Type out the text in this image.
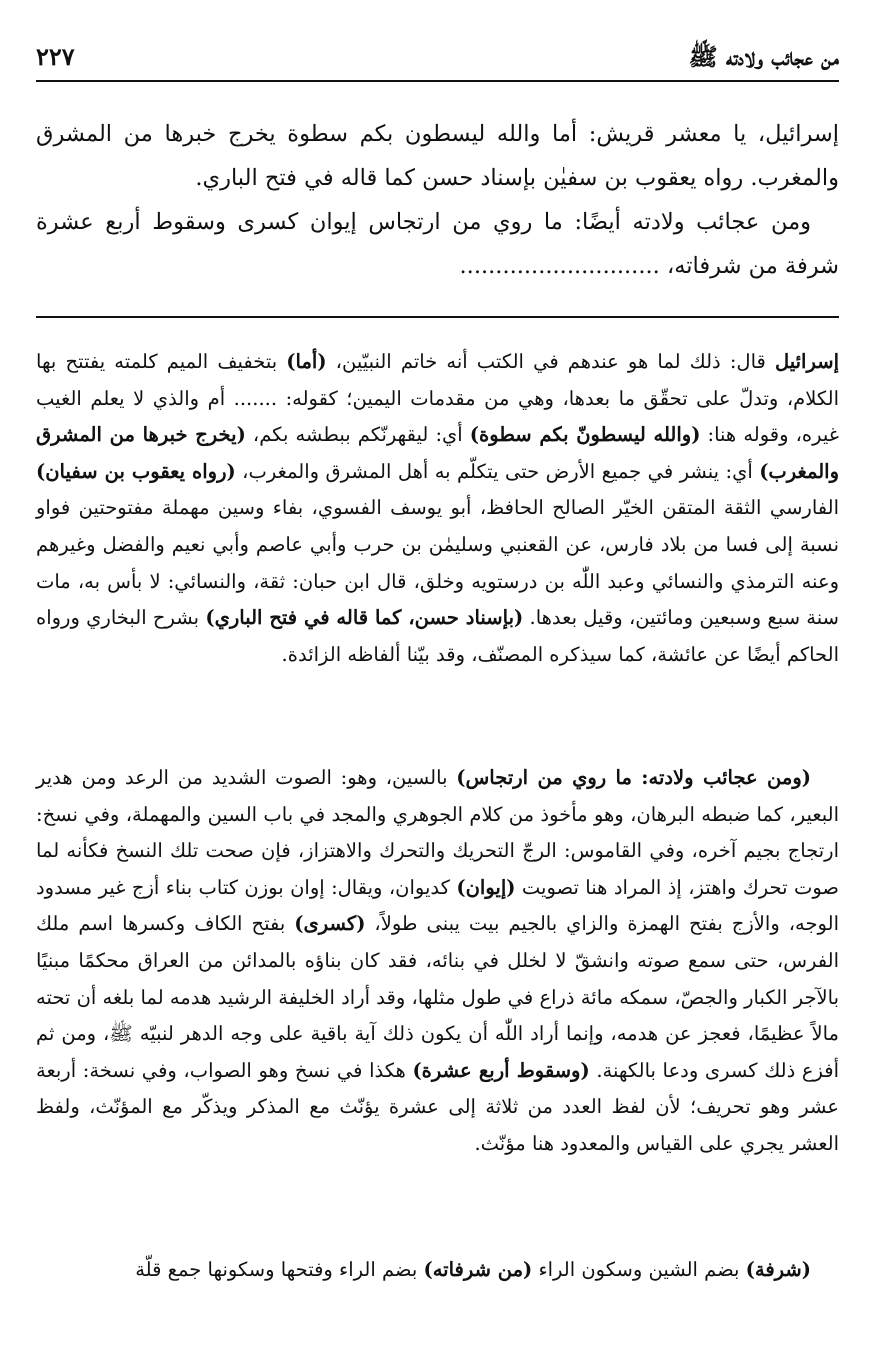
من عجائب ولادته ﷺ
٢٢٧

إسرائيل، يا معشر قريش: أما والله ليسطون بكم سطوة يخرج خبرها من المشرق والمغرب. رواه يعقوب بن سفيٰن بإسناد حسن كما قاله في فتح الباري.

ومن عجائب ولادته أيضًا: ما روي من ارتجاس إيوان كسرى وسقوط أربع عشرة شرفة من شرفاته، ............................

إسرائيل قال: ذلك لما هو عندهم في الكتب أنه خاتم النبيّين، (أما) بتخفيف الميم كلمته يفتتح بها الكلام، وتدلّ على تحقّق ما بعدها، وهي من مقدمات اليمين؛ كقوله: ....... أم والذي لا يعلم الغيب غيره، وقوله هنا: (والله ليسطونّ بكم سطوة) أي: ليقهرنّكم ببطشه بكم، (يخرج خبرها من المشرق والمغرب) أي: ينشر في جميع الأرض حتى يتكلّم به أهل المشرق والمغرب، (رواه يعقوب بن سفيان) الفارسي الثقة المتقن الخيّر الصالح الحافظ، أبو يوسف الفسوي، بفاء وسين مهملة مفتوحتين فواو نسبة إلى فسا من بلاد فارس، عن القعنبي وسليمٰن بن حرب وأبي عاصم وأبي نعيم والفضل وغيرهم وعنه الترمذي والنسائي وعبد اللّٰه بن درستويه وخلق، قال ابن حبان: ثقة، والنسائي: لا بأس به، مات سنة سبع وسبعين ومائتين، وقيل بعدها. (بإسناد حسن، كما قاله في فتح الباري) بشرح البخاري ورواه الحاكم أيضًا عن عائشة، كما سيذكره المصنّف، وقد بيّنا ألفاظه الزائدة.

(ومن عجائب ولادته: ما روي من ارتجاس) بالسين، وهو: الصوت الشديد من الرعد ومن هدير البعير، كما ضبطه البرهان، وهو مأخوذ من كلام الجوهري والمجد في باب السين والمهملة، وفي نسخ: ارتجاج بجيم آخره، وفي القاموس: الرجّ التحريك والتحرك والاهتزاز، فإن صحت تلك النسخ فكأنه لما صوت تحرك واهتز، إذ المراد هنا تصويت (إيوان) كديوان، ويقال: إوان بوزن كتاب بناء أزج غير مسدود الوجه، والأزج بفتح الهمزة والزاي بالجيم بيت يبنى طولاً، (كسرى) بفتح الكاف وكسرها اسم ملك الفرس، حتى سمع صوته وانشقّ لا لخلل في بنائه، فقد كان بناؤه بالمدائن من العراق محكمًا مبنيًا بالآجر الكبار والجصّ، سمكه مائة ذراع في طول مثلها، وقد أراد الخليفة الرشيد هدمه لما بلغه أن تحته مالاً عظيمًا، فعجز عن هدمه، وإنما أراد اللّٰه أن يكون ذلك آية باقية على وجه الدهر لنبيّه ﷺ، ومن ثم أفزع ذلك كسرى ودعا بالكهنة. (وسقوط أربع عشرة) هكذا في نسخ وهو الصواب، وفي نسخة: أربعة عشر وهو تحريف؛ لأن لفظ العدد من ثلاثة إلى عشرة يؤنّث مع المذكر ويذكّر مع المؤنّث، ولفظ العشر يجري على القياس والمعدود هنا مؤنّث.

(شرفة) بضم الشين وسكون الراء (من شرفاته) بضم الراء وفتحها وسكونها جمع قلّة
